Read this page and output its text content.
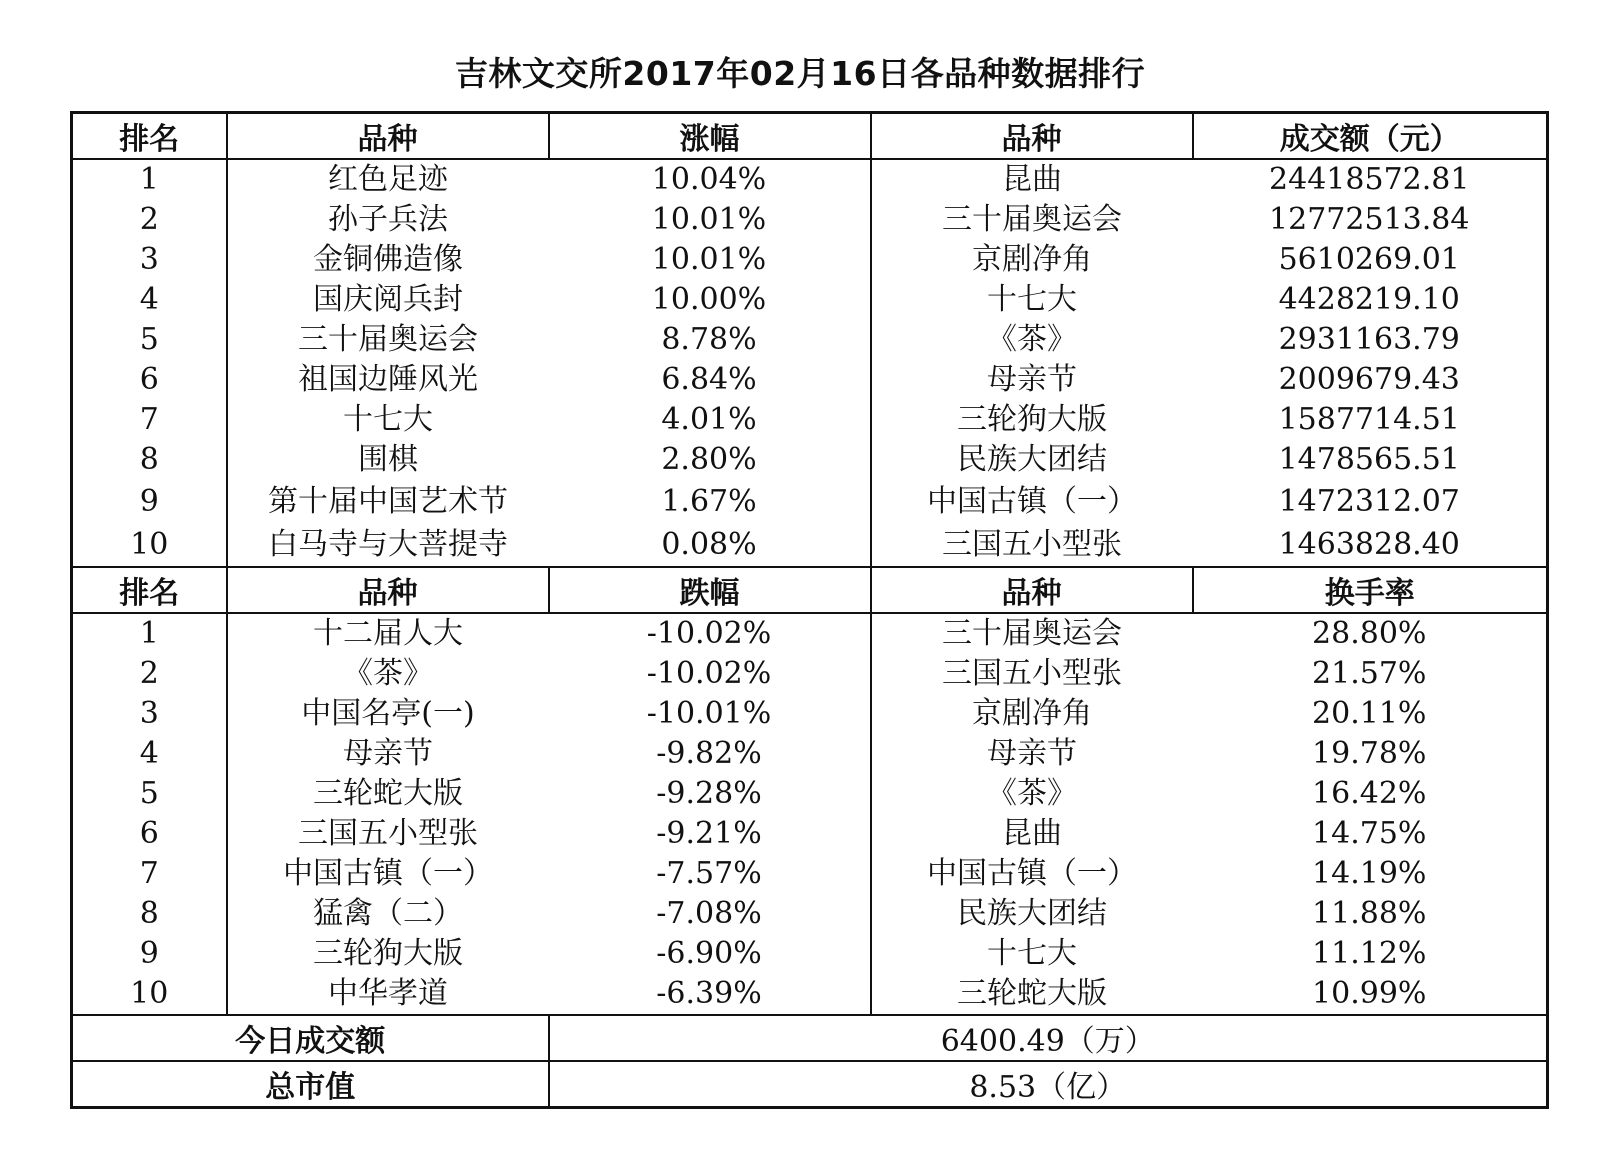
吉林文交所2017年02月16日各品种数据排行
排名	品种	涨幅	品种	成交额（元）
1	红色足迹	10.04%	昆曲	24418572.81
2	孙子兵法	10.01%	三十届奥运会	12772513.84
3	金铜佛造像	10.01%	京剧净角	5610269.01
4	国庆阅兵封	10.00%	十七大	4428219.10
5	三十届奥运会	8.78%	《茶》	2931163.79
6	祖国边陲风光	6.84%	母亲节	2009679.43
7	十七大	4.01%	三轮狗大版	1587714.51
8	围棋	2.80%	民族大团结	1478565.51
9	第十届中国艺术节	1.67%	中国古镇（一）	1472312.07
10	白马寺与大菩提寺	0.08%	三国五小型张	1463828.40
排名	品种	跌幅	品种	换手率
1	十二届人大	-10.02%	三十届奥运会	28.80%
2	《茶》	-10.02%	三国五小型张	21.57%
3	中国名亭(一)	-10.01%	京剧净角	20.11%
4	母亲节	-9.82%	母亲节	19.78%
5	三轮蛇大版	-9.28%	《茶》	16.42%
6	三国五小型张	-9.21%	昆曲	14.75%
7	中国古镇（一）	-7.57%	中国古镇（一）	14.19%
8	猛禽（二）	-7.08%	民族大团结	11.88%
9	三轮狗大版	-6.90%	十七大	11.12%
10	中华孝道	-6.39%	三轮蛇大版	10.99%
今日成交额		6400.49（万）		
总市值		8.53（亿）		
